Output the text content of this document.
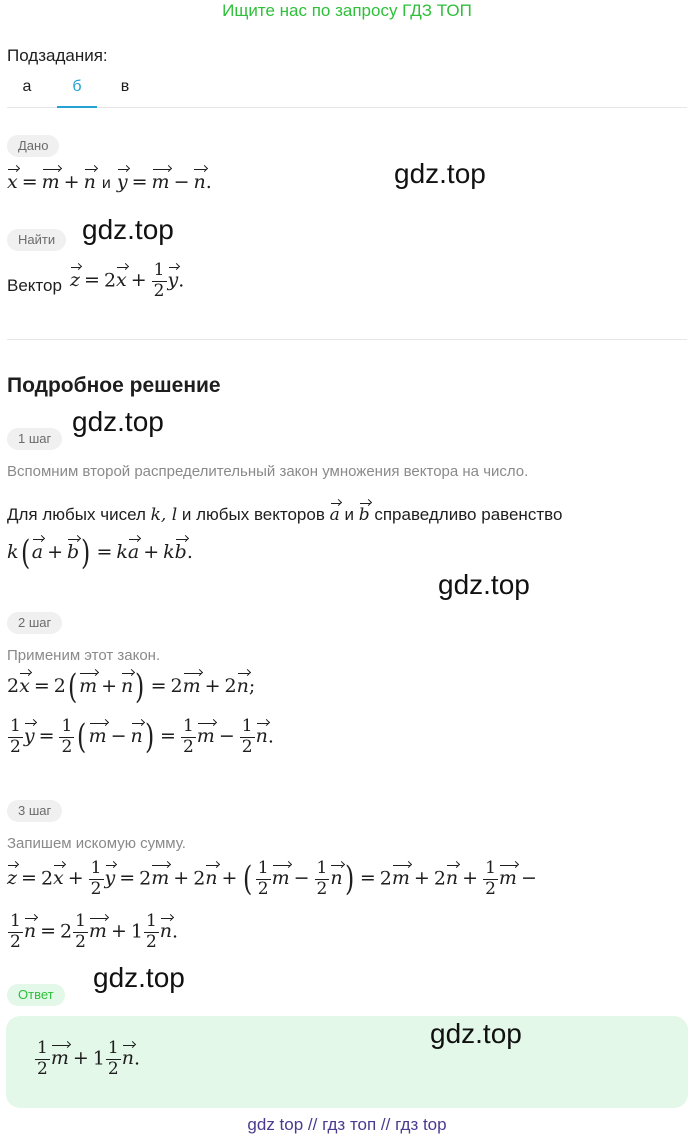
Ищите нас по запросу ГДЗ ТОП
Подзадания:
а	б	в
Дано
x = m + n и y = m − n.	gdz.top
Найти gdz.top
Вектор $z = 2x + \frac{1}{2} y$.
Подробное решение
gdz.top
1 шаг
Вспомним второй распределительный закон умножения вектора на число.
Для любых чисел k, l и любых векторов a и b справедливо равенство
k( a + b) = ka + kb.
gdz.top
2 шаг
Применим этот закон.
2x = 2( m + n) = 2m + 2n;
$\frac{1}{2}$ $y = \frac{1}{2}$ ( $m - n) = \frac{1}{2}$ $m - \frac{1}{2} n$.
3 шаг
Запишем искомую сумму.
$z = 2x + \frac{1}{2}$ y = 2m + 2n + ( $\frac{1}{2}$ $m - \frac{1}{2} n) = 2m + 2n + \frac{1}{2}$ m −
$\frac{1}{2}$ $n = 2 \frac{1}{2}$ $m + 1 \frac{1}{2} n$.
gdz.top
Ответ
$\frac{1}{2}$ $m + 1 \frac{1}{2} n$.
gdz.top
gdz top // гдз топ // гдз top
